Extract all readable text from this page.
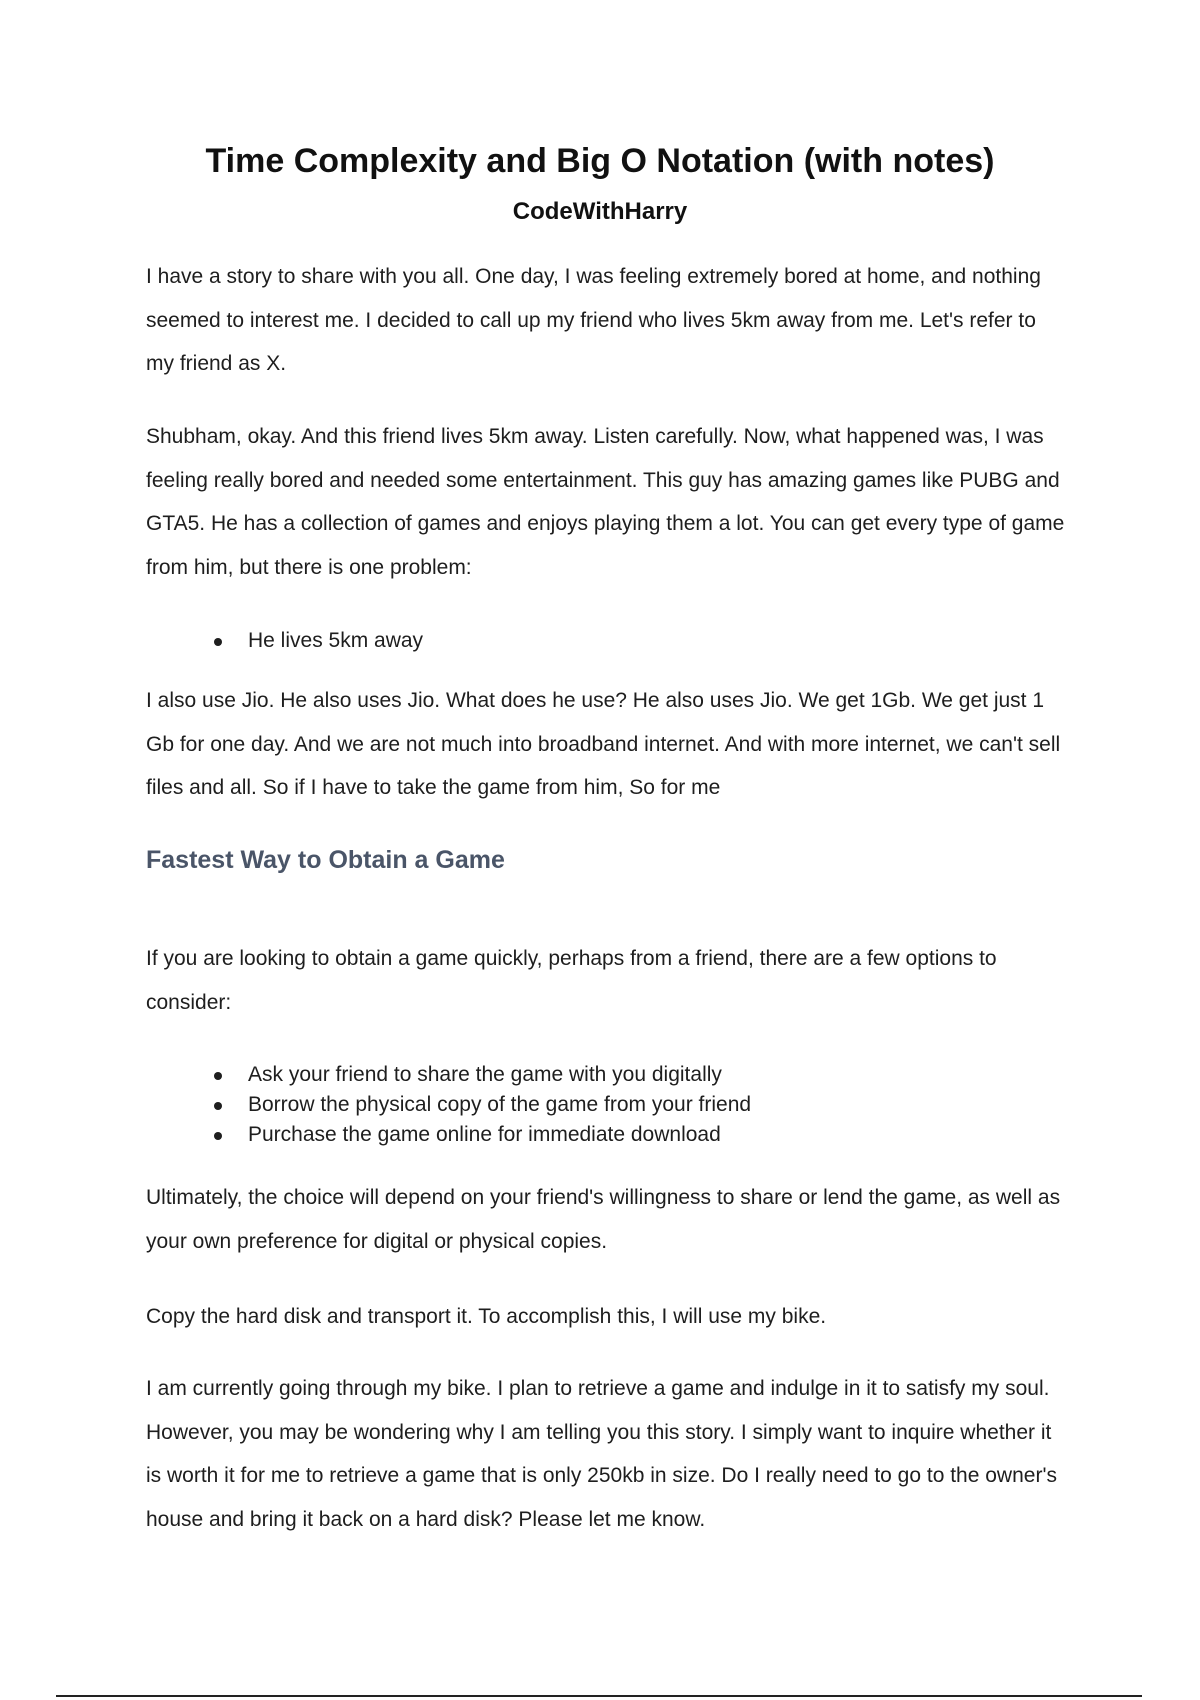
Time Complexity and Big O Notation (with notes)
CodeWithHarry

I have a story to share with you all. One day, I was feeling extremely bored at home, and nothing seemed to interest me. I decided to call up my friend who lives 5km away from me. Let's refer to my friend as X.

Shubham, okay. And this friend lives 5km away. Listen carefully. Now, what happened was, I was feeling really bored and needed some entertainment. This guy has amazing games like PUBG and GTA5. He has a collection of games and enjoys playing them a lot. You can get every type of game from him, but there is one problem:

He lives 5km away

I also use Jio. He also uses Jio. What does he use? He also uses Jio. We get 1Gb. We get just 1 Gb for one day. And we are not much into broadband internet. And with more internet, we can't sell files and all. So if I have to take the game from him, So for me

Fastest Way to Obtain a Game

If you are looking to obtain a game quickly, perhaps from a friend, there are a few options to consider:

Ask your friend to share the game with you digitally
Borrow the physical copy of the game from your friend
Purchase the game online for immediate download

Ultimately, the choice will depend on your friend's willingness to share or lend the game, as well as your own preference for digital or physical copies.

Copy the hard disk and transport it. To accomplish this, I will use my bike.

I am currently going through my bike. I plan to retrieve a game and indulge in it to satisfy my soul. However, you may be wondering why I am telling you this story. I simply want to inquire whether it is worth it for me to retrieve a game that is only 250kb in size. Do I really need to go to the owner's house and bring it back on a hard disk? Please let me know.
